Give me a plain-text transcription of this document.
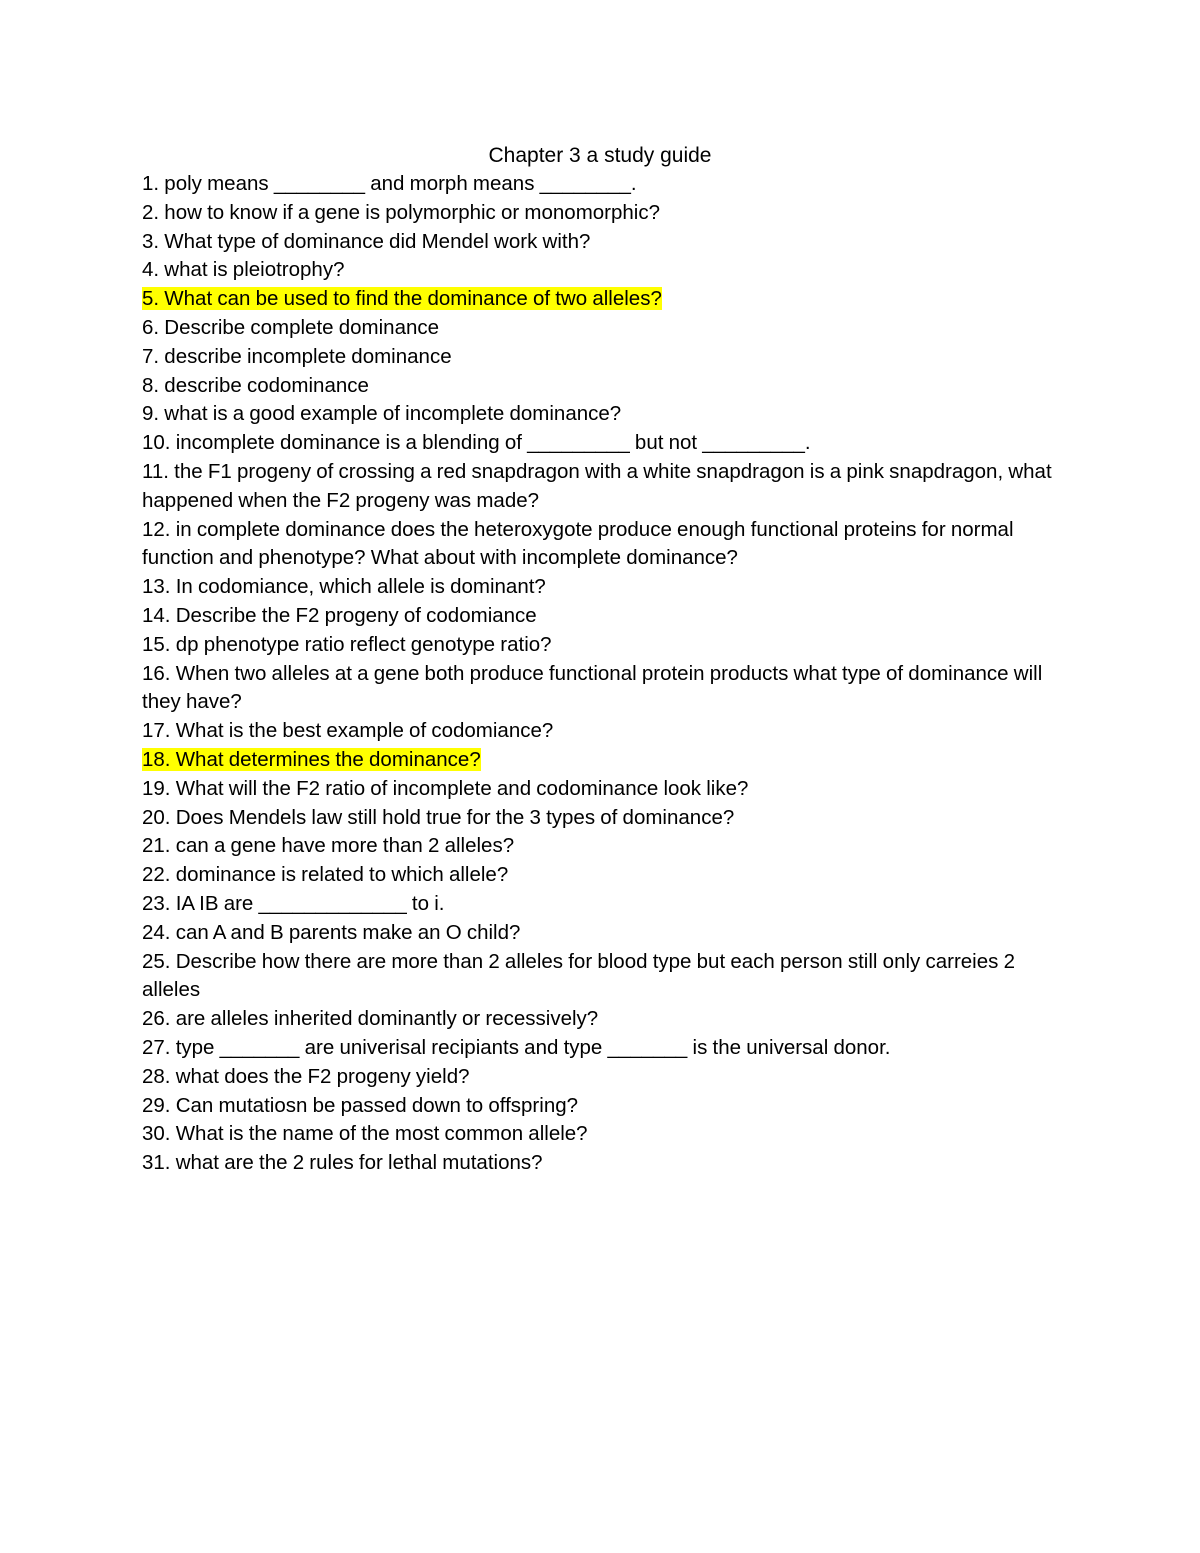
Chapter 3 a study guide
1. poly means ________ and morph means ________.
2. how to know if a gene is polymorphic or monomorphic?
3. What type of dominance did Mendel work with?
4. what is pleiotrophy?
5. What can be used to find the dominance of two alleles?
6. Describe complete dominance
7. describe incomplete dominance
8. describe codominance
9. what is a good example of incomplete dominance?
10. incomplete dominance is a blending of _________ but not _________.
11. the F1 progeny of crossing a red snapdragon with a white snapdragon is a pink snapdragon, what happened when the F2 progeny was made?
12. in complete dominance does the heteroxygote produce enough functional proteins for normal function and phenotype? What about with incomplete dominance?
13. In codomiance, which allele is dominant?
14. Describe the F2 progeny of codomiance
15. dp phenotype ratio reflect genotype ratio?
16. When two alleles at a gene both produce functional protein products what type of dominance will they have?
17. What is the best example of codomiance?
18. What determines the dominance?
19. What will the F2 ratio of incomplete and codominance look like?
20. Does Mendels law still hold true for the 3 types of dominance?
21. can a gene have more than 2 alleles?
22. dominance is related to which allele?
23. IA IB are _____________ to i.
24. can A and B parents make an O child?
25. Describe how there are more than 2 alleles for blood type but each person still only carreies 2 alleles
26. are alleles inherited dominantly or recessively?
27. type _______ are univerisal recipiants and type _______ is the universal donor.
28. what does the F2 progeny yield?
29. Can mutatiosn be passed down to offspring?
30. What is the name of the most common allele?
31. what are the 2 rules for lethal mutations?
